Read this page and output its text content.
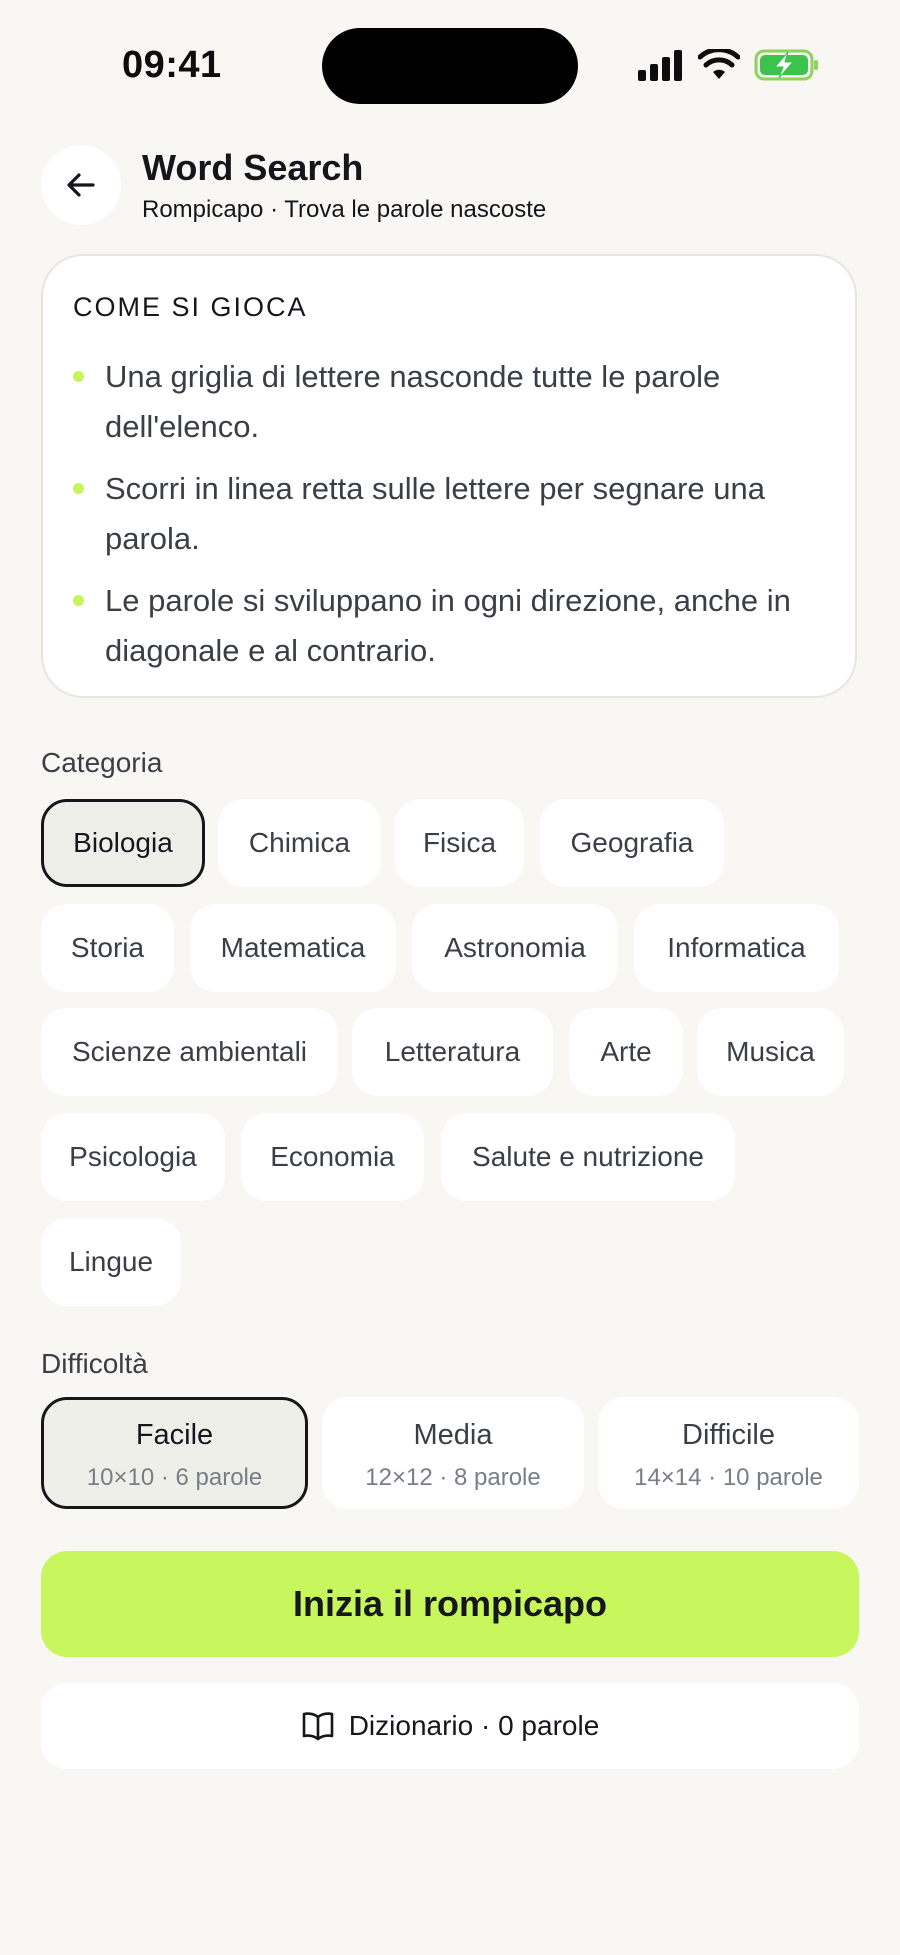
09:41
Word Search
Rompicapo · Trova le parole nascoste
COME SI GIOCA
Una griglia di lettere nasconde tutte le parole dell'elenco.
Scorri in linea retta sulle lettere per segnare una parola.
Le parole si sviluppano in ogni direzione, anche in diagonale e al contrario.
Categoria
Biologia	Chimica	Fisica	Geografia
Storia	Matematica	Astronomia	Informatica
Scienze ambientali	Letteratura	Arte	Musica
Psicologia	Economia	Salute e nutrizione
Lingue
Difficoltà
Facile
10×10 · 6 parole
Media
12×12 · 8 parole
Difficile
14×14 · 10 parole
Inizia il rompicapo
Dizionario · 0 parole
